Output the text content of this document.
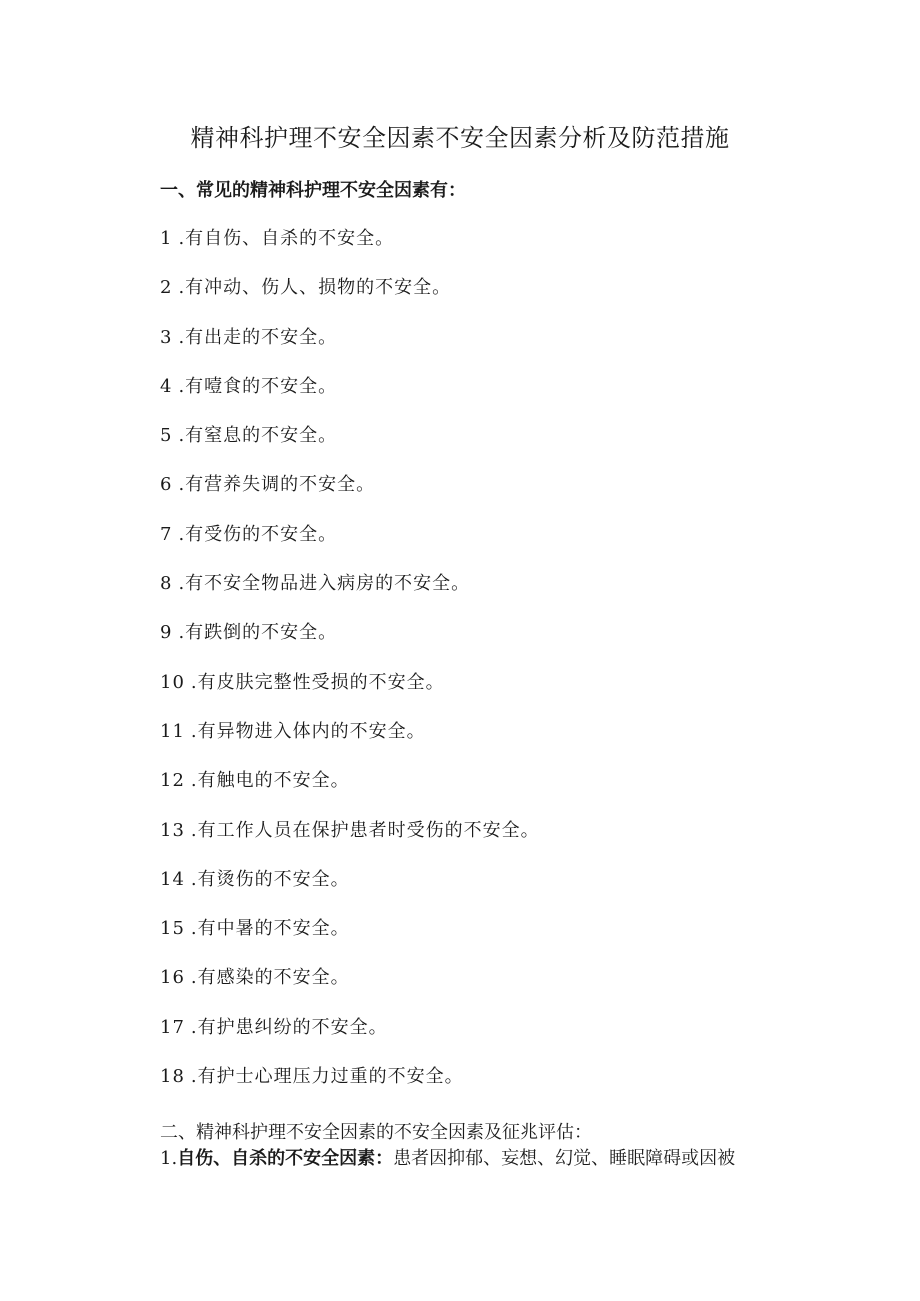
精神科护理不安全因素不安全因素分析及防范措施
一、常见的精神科护理不安全因素有：
1 .有自伤、自杀的不安全。
2 .有冲动、伤人、损物的不安全。
3 .有出走的不安全。
4 .有噎食的不安全。
5 .有窒息的不安全。
6 .有营养失调的不安全。
7 .有受伤的不安全。
8 .有不安全物品进入病房的不安全。
9 .有跌倒的不安全。
10 .有皮肤完整性受损的不安全。
11 .有异物进入体内的不安全。
12 .有触电的不安全。
13 .有工作人员在保护患者时受伤的不安全。
14 .有烫伤的不安全。
15 .有中暑的不安全。
16 .有感染的不安全。
17 .有护患纠纷的不安全。
18 .有护士心理压力过重的不安全。
二、精神科护理不安全因素的不安全因素及征兆评估：
1.自伤、自杀的不安全因素：患者因抑郁、妄想、幻觉、睡眠障碍或因被
